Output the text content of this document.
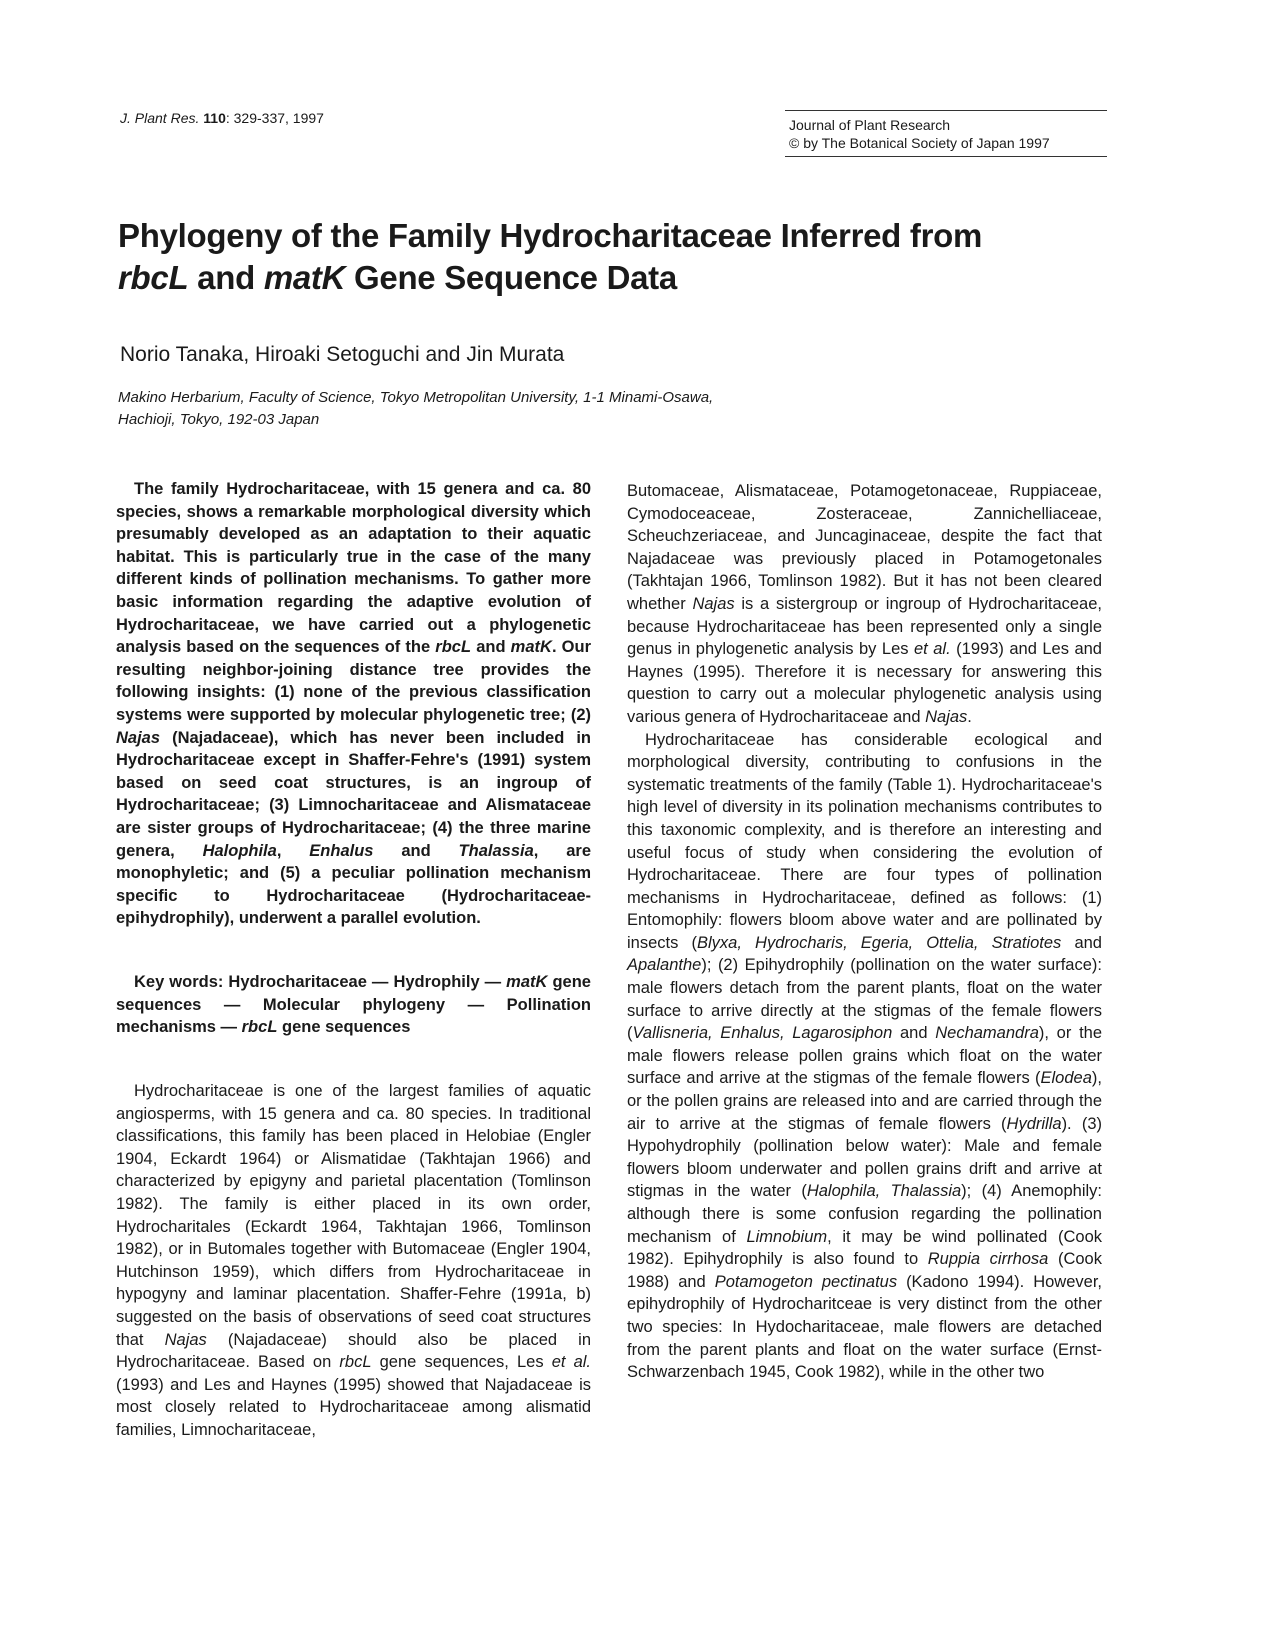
J. Plant Res. 110: 329-337, 1997	Journal of Plant Research
© by The Botanical Society of Japan 1997
Phylogeny of the Family Hydrocharitaceae Inferred from
rbcL and matK Gene Sequence Data
Norio Tanaka, Hiroaki Setoguchi and Jin Murata
Makino Herbarium, Faculty of Science, Tokyo Metropolitan University, 1-1 Minami-Osawa,
Hachioji, Tokyo, 192-03 Japan

The family Hydrocharitaceae, with 15 genera and ca. 80 species, shows a remarkable morphological diversity which presumably developed as an adaptation to their aquatic habitat. This is particularly true in the case of the many different kinds of pollination mechanisms. To gather more basic information regarding the adaptive evolution of Hydrocharitaceae, we have carried out a phylogenetic analysis based on the sequences of the rbcL and matK. Our resulting neighbor-joining distance tree provides the following insights: (1) none of the previous classification systems were supported by molecular phylogenetic tree; (2) Najas (Najadaceae), which has never been included in Hydrocharitaceae except in Shaffer-Fehre's (1991) system based on seed coat structures, is an ingroup of Hydrocharitaceae; (3) Limnocharitaceae and Alismataceae are sister groups of Hydrocharitaceae; (4) the three marine genera, Halophila, Enhalus and Thalassia, are monophyletic; and (5) a peculiar pollination mechanism specific to Hydrocharitaceae (Hydrocharitaceae-epihydrophily), underwent a parallel evolution.

Key words: Hydrocharitaceae — Hydrophily — matK gene sequences — Molecular phylogeny — Pollination mechanisms — rbcL gene sequences

Hydrocharitaceae is one of the largest families of aquatic angiosperms, with 15 genera and ca. 80 species. In traditional classifications, this family has been placed in Helobiae (Engler 1904, Eckardt 1964) or Alismatidae (Takhtajan 1966) and characterized by epigyny and parietal placentation (Tomlinson 1982). The family is either placed in its own order, Hydrocharitales (Eckardt 1964, Takhtajan 1966, Tomlinson 1982), or in Butomales together with Butomaceae (Engler 1904, Hutchinson 1959), which differs from Hydrocharitaceae in hypogyny and laminar placentation. Shaffer-Fehre (1991a, b) suggested on the basis of observations of seed coat structures that Najas (Najadaceae) should also be placed in Hydrocharitaceae. Based on rbcL gene sequences, Les et al. (1993) and Les and Haynes (1995) showed that Najadaceae is most closely related to Hydrocharitaceae among alismatid families, Limnocharitaceae,

Butomaceae, Alismataceae, Potamogetonaceae, Ruppiaceae, Cymodoceaceae, Zosteraceae, Zannichelliaceae, Scheuchzeriaceae, and Juncaginaceae, despite the fact that Najadaceae was previously placed in Potamogetonales (Takhtajan 1966, Tomlinson 1982). But it has not been cleared whether Najas is a sistergroup or ingroup of Hydrocharitaceae, because Hydrocharitaceae has been represented only a single genus in phylogenetic analysis by Les et al. (1993) and Les and Haynes (1995). Therefore it is necessary for answering this question to carry out a molecular phylogenetic analysis using various genera of Hydrocharitaceae and Najas.

Hydrocharitaceae has considerable ecological and morphological diversity, contributing to confusions in the systematic treatments of the family (Table 1). Hydrocharitaceae's high level of diversity in its polination mechanisms contributes to this taxonomic complexity, and is therefore an interesting and useful focus of study when considering the evolution of Hydrocharitaceae. There are four types of pollination mechanisms in Hydrocharitaceae, defined as follows: (1) Entomophily: flowers bloom above water and are pollinated by insects (Blyxa, Hydrocharis, Egeria, Ottelia, Stratiotes and Apalanthe); (2) Epihydrophily (pollination on the water surface): male flowers detach from the parent plants, float on the water surface to arrive directly at the stigmas of the female flowers (Vallisneria, Enhalus, Lagarosiphon and Nechamandra), or the male flowers release pollen grains which float on the water surface and arrive at the stigmas of the female flowers (Elodea), or the pollen grains are released into and are carried through the air to arrive at the stigmas of female flowers (Hydrilla). (3) Hypohydrophily (pollination below water): Male and female flowers bloom underwater and pollen grains drift and arrive at stigmas in the water (Halophila, Thalassia); (4) Anemophily: although there is some confusion regarding the pollination mechanism of Limnobium, it may be wind pollinated (Cook 1982). Epihydrophily is also found to Ruppia cirrhosa (Cook 1988) and Potamogeton pectinatus (Kadono 1994). However, epihydrophily of Hydrocharitceae is very distinct from the other two species: In Hydocharitaceae, male flowers are detached from the parent plants and float on the water surface (Ernst-Schwarzenbach 1945, Cook 1982), while in the other two
